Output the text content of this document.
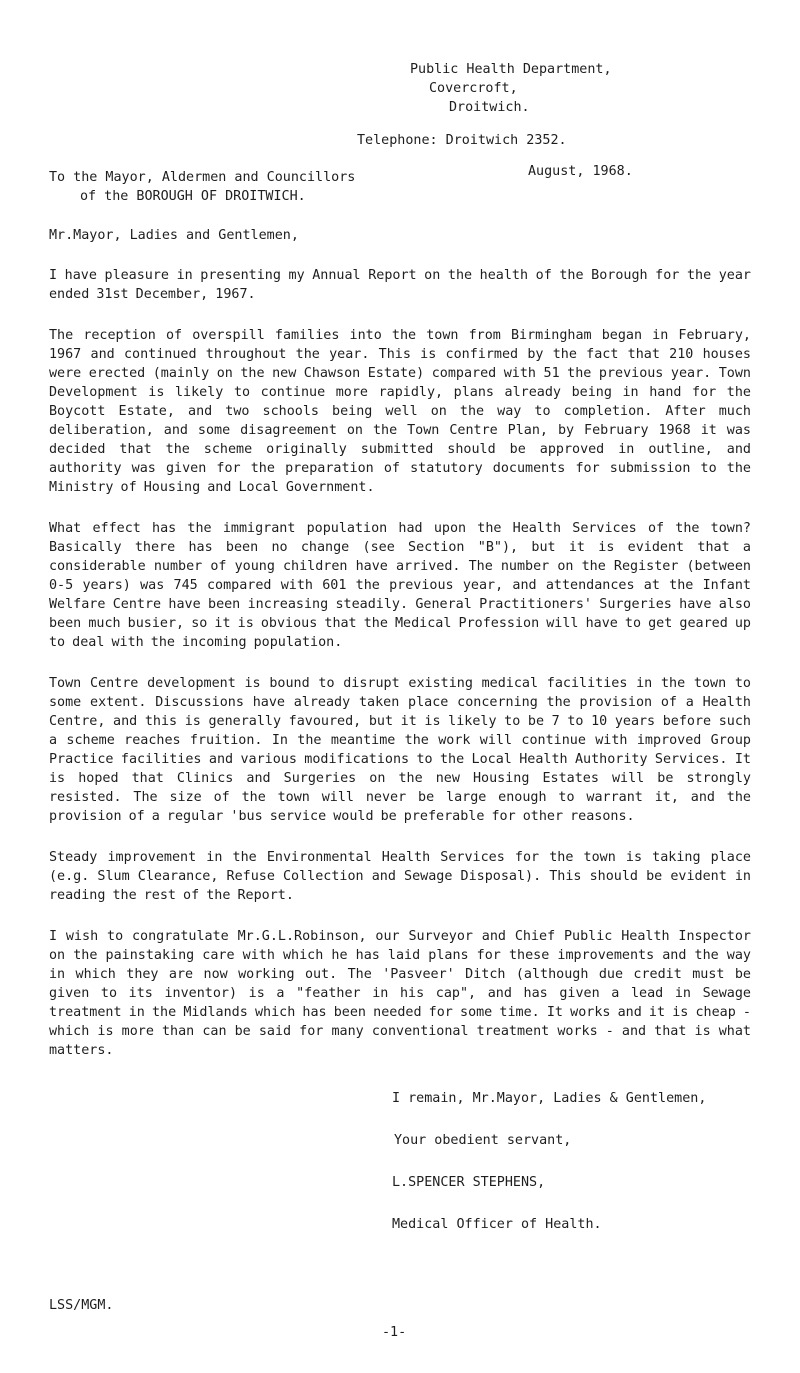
Public Health Department,
Covercroft,
Droitwich.
Telephone: Droitwich 2352.
August, 1968.
To the Mayor, Aldermen and Councillors
of the BOROUGH OF DROITWICH.
Mr.Mayor, Ladies and Gentlemen,

I have pleasure in presenting my Annual Report on the health of the Borough for the year ended 31st December, 1967.

The reception of overspill families into the town from Birmingham began in February, 1967 and continued throughout the year. This is confirmed by the fact that 210 houses were erected (mainly on the new Chawson Estate) compared with 51 the previous year. Town Development is likely to continue more rapidly, plans already being in hand for the Boycott Estate, and two schools being well on the way to completion. After much deliberation, and some disagreement on the Town Centre Plan, by February 1968 it was decided that the scheme originally submitted should be approved in outline, and authority was given for the preparation of statutory documents for submission to the Ministry of Housing and Local Government.

What effect has the immigrant population had upon the Health Services of the town? Basically there has been no change (see Section "B"), but it is evident that a considerable number of young children have arrived. The number on the Register (between 0-5 years) was 745 compared with 601 the previous year, and attendances at the Infant Welfare Centre have been increasing steadily. General Practitioners' Surgeries have also been much busier, so it is obvious that the Medical Profession will have to get geared up to deal with the incoming population.

Town Centre development is bound to disrupt existing medical facilities in the town to some extent. Discussions have already taken place concerning the provision of a Health Centre, and this is generally favoured, but it is likely to be 7 to 10 years before such a scheme reaches fruition. In the meantime the work will continue with improved Group Practice facilities and various modifications to the Local Health Authority Services. It is hoped that Clinics and Surgeries on the new Housing Estates will be strongly resisted. The size of the town will never be large enough to warrant it, and the provision of a regular 'bus service would be preferable for other reasons.

Steady improvement in the Environmental Health Services for the town is taking place (e.g. Slum Clearance, Refuse Collection and Sewage Disposal). This should be evident in reading the rest of the Report.

I wish to congratulate Mr.G.L.Robinson, our Surveyor and Chief Public Health Inspector on the painstaking care with which he has laid plans for these improvements and the way in which they are now working out. The 'Pasveer' Ditch (although due credit must be given to its inventor) is a "feather in his cap", and has given a lead in Sewage treatment in the Midlands which has been needed for some time. It works and it is cheap - which is more than can be said for many conventional treatment works - and that is what matters.

I remain, Mr.Mayor, Ladies & Gentlemen,
Your obedient servant,
L.SPENCER STEPHENS,
Medical Officer of Health.
LSS/MGM.
-1-
